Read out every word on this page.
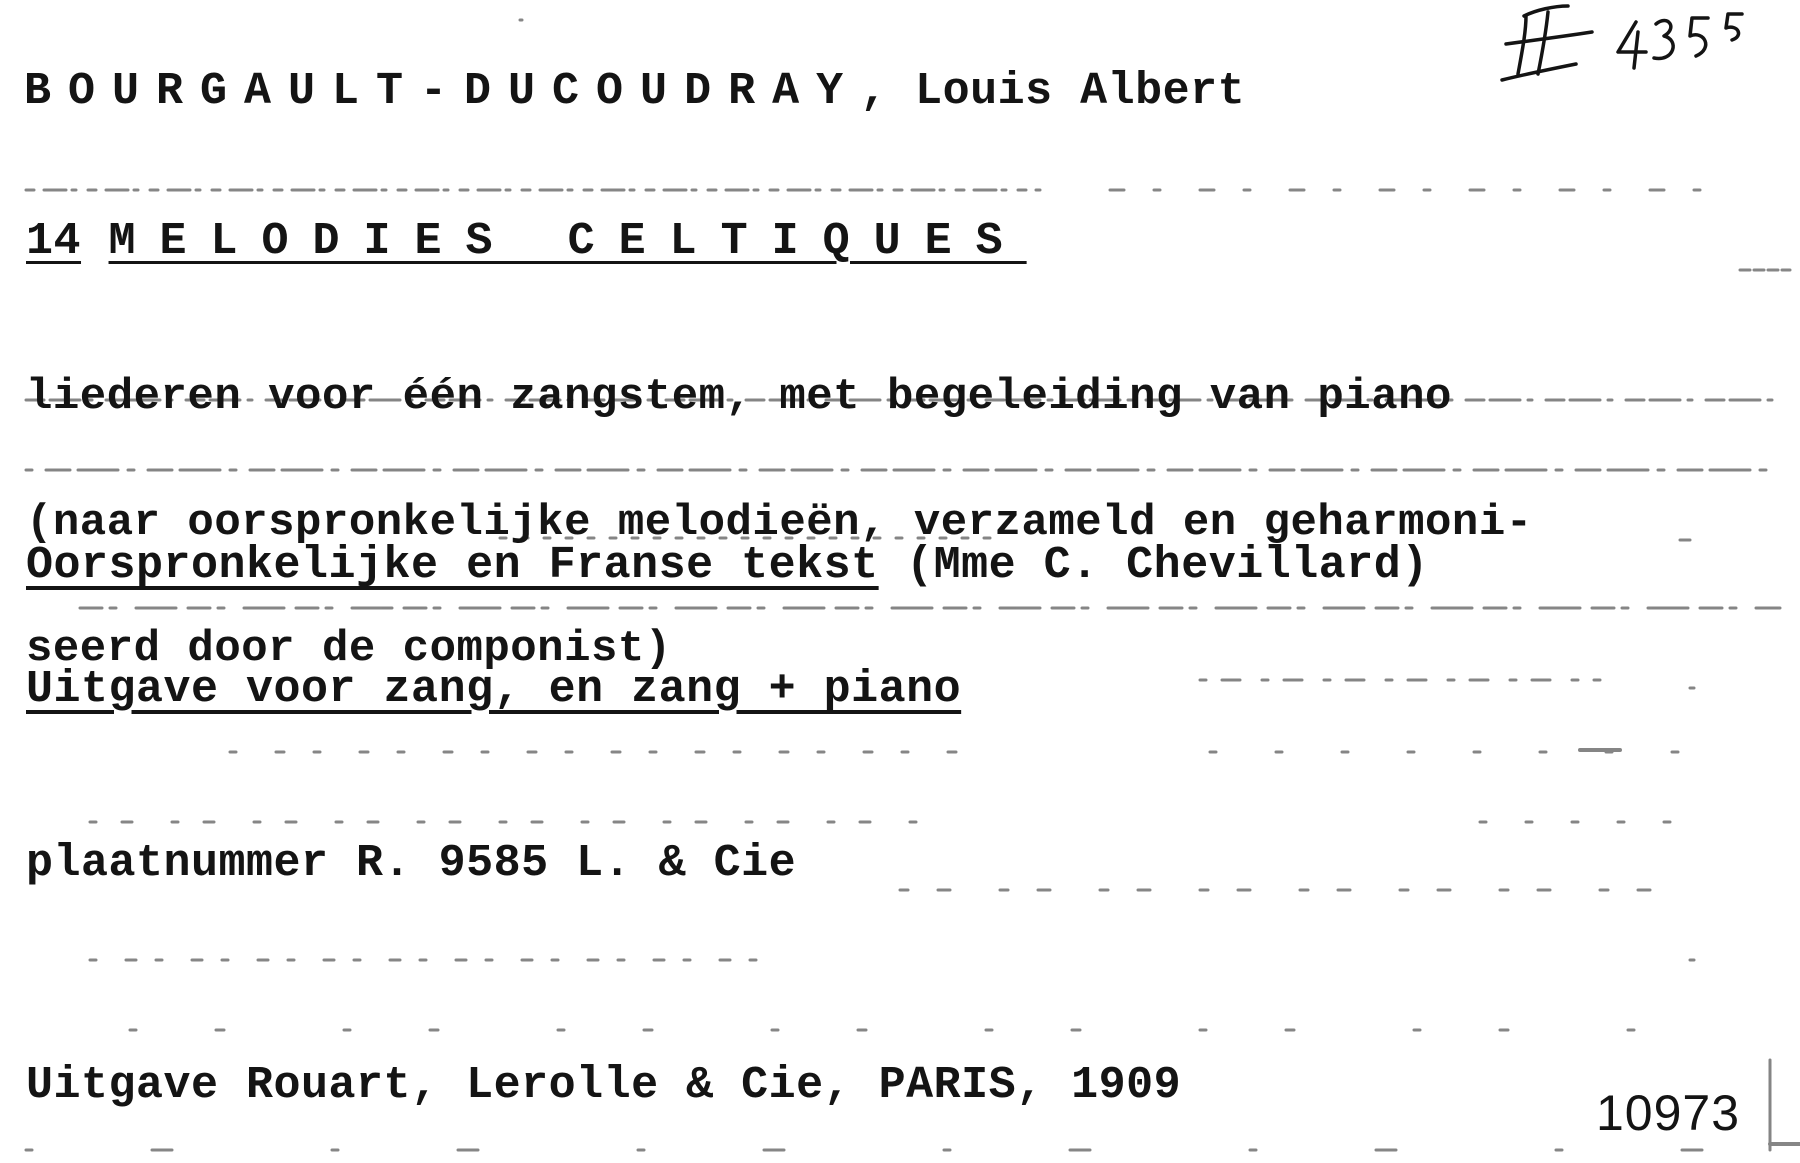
BOURGAULT-DUCOUDRAY, Louis Albert
II 4355
14 MELODIES CELTIQUES

liederen voor één zangstem, met begeleiding van piano

(naar oorspronkelijke melodieën, verzameld en geharmoni-

seerd door de componist)

Oorspronkelijke en Franse tekst (Mme C. Chevillard)
Uitgave voor zang, en zang + piano
plaatnummer R. 9585 L. & Cie
Uitgave Rouart, Lerolle & Cie, PARIS, 1909	10973
